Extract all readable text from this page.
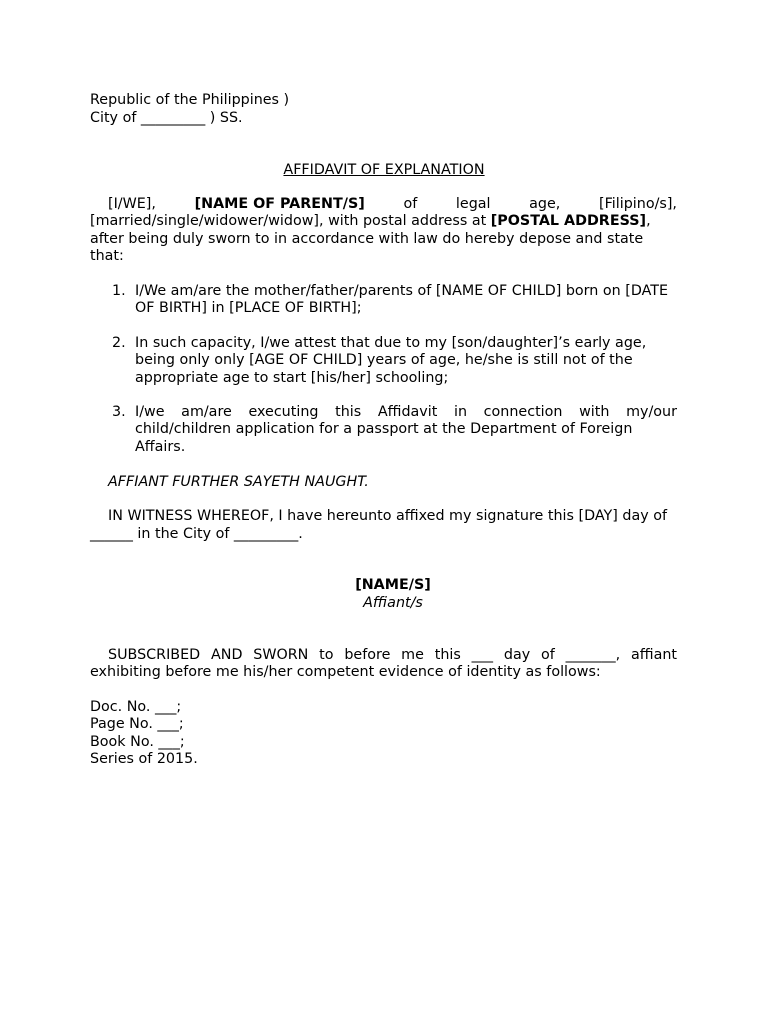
Republic of the Philippines )
City of _________ ) SS.
AFFIDAVIT OF EXPLANATION
[I/WE],	[NAME OF PARENT/S]	of	legal	age,	[Filipino/s],
[married/single/widower/widow], with postal address at [POSTAL ADDRESS],
after being duly sworn to in accordance with law do hereby depose and state
that:
1. I/We am/are the mother/father/parents of [NAME OF CHILD] born on [DATE
OF BIRTH] in [PLACE OF BIRTH];
2. In such capacity, I/we attest that due to my [son/daughter]’s early age,
being only only [AGE OF CHILD] years of age, he/she is still not of the
appropriate age to start [his/her] schooling;
3. I/we am/are executing this Affidavit in connection with my/our
child/children application for a passport at the Department of Foreign
Affairs.
AFFIANT FURTHER SAYETH NAUGHT.
IN WITNESS WHEREOF, I have hereunto affixed my signature this [DAY] day of
______ in the City of _________.
[NAME/S]
Affiant/s
SUBSCRIBED AND SWORN to before me this ___ day of _______, affiant
exhibiting before me his/her competent evidence of identity as follows:
Doc. No. ___;
Page No. ___;
Book No. ___;
Series of 2015.
